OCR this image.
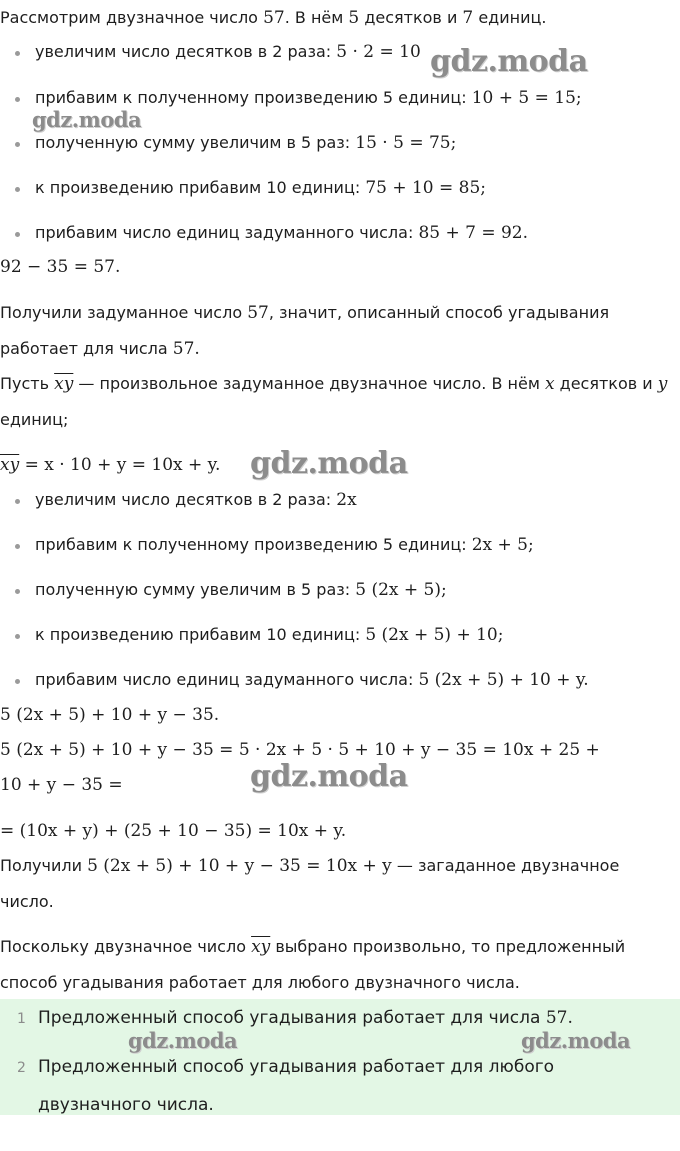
Рассмотрим двузначное число 57. В нём 5 десятков и 7 единиц.
увеличим число десятков в 2 раза: 5 · 2 = 10
прибавим к полученному произведению 5 единиц: 10 + 5 = 15;
полученную сумму увеличим в 5 раз: 15 · 5 = 75;
к произведению прибавим 10 единиц: 75 + 10 = 85;
прибавим число единиц задуманного числа: 85 + 7 = 92.
92 − 35 = 57.
Получили задуманное число 57, значит, описанный способ угадывания
работает для числа 57.
Пусть $\overline{xy}$ — произвольное задуманное двузначное число. В нём x десятков и y
единиц;
$\overline{xy} = x \cdot 10 + y = 10x + y$.
увеличим число десятков в 2 раза: 2x
прибавим к полученному произведению 5 единиц: 2x + 5;
полученную сумму увеличим в 5 раз: 5 (2x + 5);
к произведению прибавим 10 единиц: 5 (2x + 5) + 10;
прибавим число единиц задуманного числа: 5 (2x + 5) + 10 + y.
5 (2x + 5) + 10 + y − 35.
5 (2x + 5) + 10 + y − 35 = 5 · 2x + 5 · 5 + 10 + y − 35 = 10x + 25 +
10 + y − 35 =
= (10x + y) + (25 + 10 − 35) = 10x + y.
Получили 5 (2x + 5) + 10 + y − 35 = 10x + y — загаданное двузначное
число.
Поскольку двузначное число $\overline{xy}$ выбрано произвольно, то предложенный
способ угадывания работает для любого двузначного числа.
1 Предложенный способ угадывания работает для числа 57.
2 Предложенный способ угадывания работает для любого
двузначного числа.
gdz.moda
gdz.moda
gdz.moda
gdz.moda
gdz.moda	gdz.moda
